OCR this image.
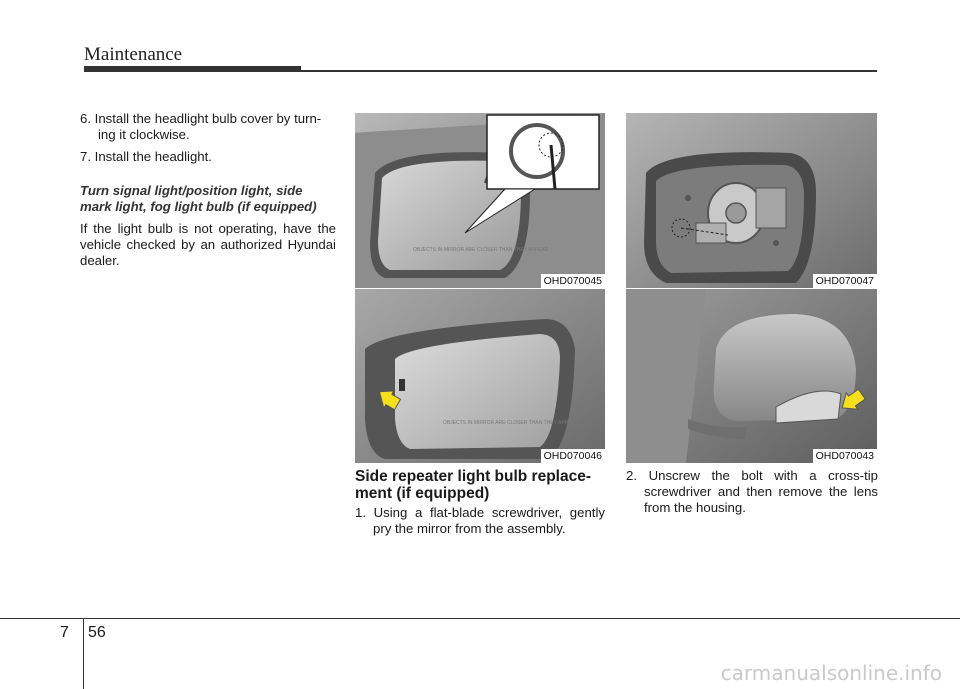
Maintenance

6. Install the headlight bulb cover by turn-ing it clockwise.

7. Install the headlight.

Turn signal light/position light, side mark light, fog light bulb (if equipped)

If the light bulb is not operating, have the vehicle checked by an authorized Hyundai dealer.

OBJECTS IN MIRROR ARE CLOSER THAN THEY APPEAR
OHD070045
OBJECTS IN MIRROR ARE CLOSER THAN THEY APPEAR
OHD070046
OHD070047
OHD070043
Side repeater light bulb replace-ment (if equipped)

1. Using a flat-blade screwdriver, gently pry the mirror from the assembly.

2. Unscrew the bolt with a cross-tip screwdriver and then remove the lens from the housing.

7 56
carmanualsonline.info
